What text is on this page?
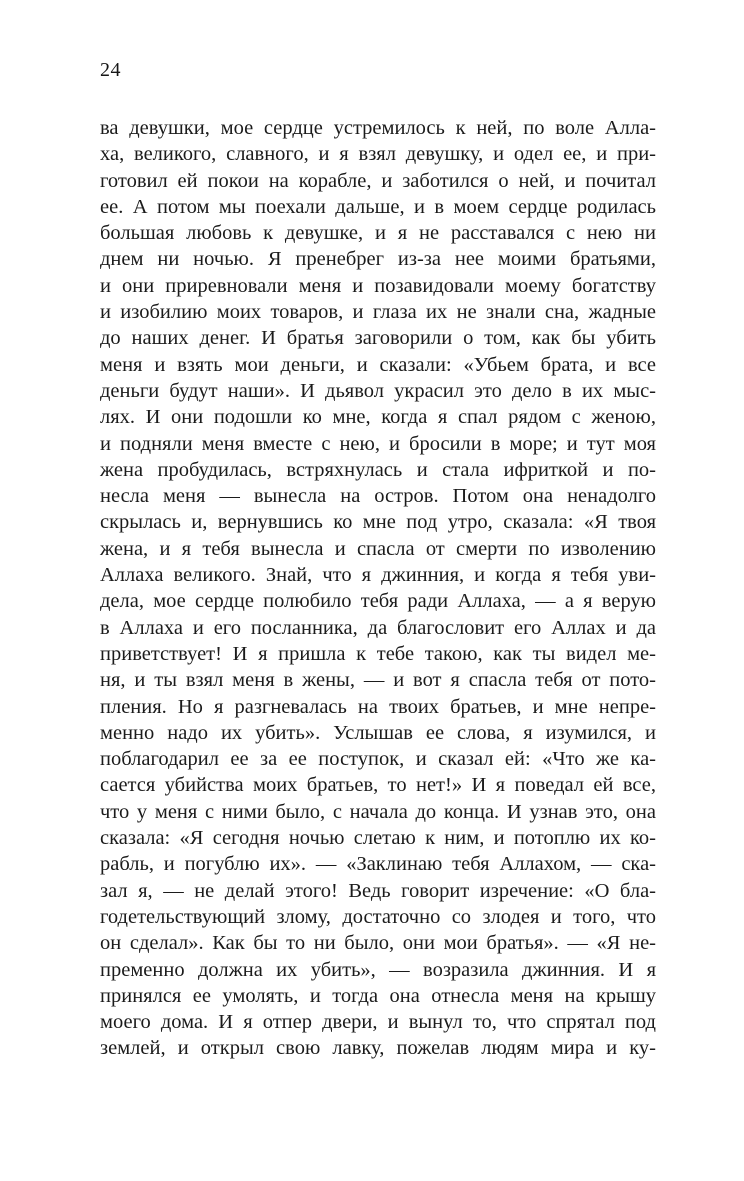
24
ва девушки, мое сердце устремилось к ней, по воле Алла-
ха, великого, славного, и я взял девушку, и одел ее, и при-
готовил ей покои на корабле, и заботился о ней, и почитал
ее. А потом мы поехали дальше, и в моем сердце родилась
большая любовь к девушке, и я не расставался с нею ни
днем ни ночью. Я пренебрег из-за нее моими братьями,
и они приревновали меня и позавидовали моему богатству
и изобилию моих товаров, и глаза их не знали сна, жадные
до наших денег. И братья заговорили о том, как бы убить
меня и взять мои деньги, и сказали: «Убьем брата, и все
деньги будут наши». И дьявол украсил это дело в их мыс-
лях. И они подошли ко мне, когда я спал рядом с женою,
и подняли меня вместе с нею, и бросили в море; и тут моя
жена пробудилась, встряхнулась и стала ифриткой и по-
несла меня — вынесла на остров. Потом она ненадолго
скрылась и, вернувшись ко мне под утро, сказала: «Я твоя
жена, и я тебя вынесла и спасла от смерти по изволению
Аллаха великого. Знай, что я джинния, и когда я тебя уви-
дела, мое сердце полюбило тебя ради Аллаха, — а я верую
в Аллаха и его посланника, да благословит его Аллах и да
приветствует! И я пришла к тебе такою, как ты видел ме-
ня, и ты взял меня в жены, — и вот я спасла тебя от пото-
пления. Но я разгневалась на твоих братьев, и мне непре-
менно надо их убить». Услышав ее слова, я изумился, и
поблагодарил ее за ее поступок, и сказал ей: «Что же ка-
сается убийства моих братьев, то нет!» И я поведал ей все,
что у меня с ними было, с начала до конца. И узнав это, она
сказала: «Я сегодня ночью слетаю к ним, и потоплю их ко-
рабль, и погублю их». — «Заклинаю тебя Аллахом, — ска-
зал я, — не делай этого! Ведь говорит изречение: «О бла-
годетельствующий злому, достаточно со злодея и того, что
он сделал». Как бы то ни было, они мои братья». — «Я не-
пременно должна их убить», — возразила джинния. И я
принялся ее умолять, и тогда она отнесла меня на крышу
моего дома. И я отпер двери, и вынул то, что спрятал под
землей, и открыл свою лавку, пожелав людям мира и ку-
